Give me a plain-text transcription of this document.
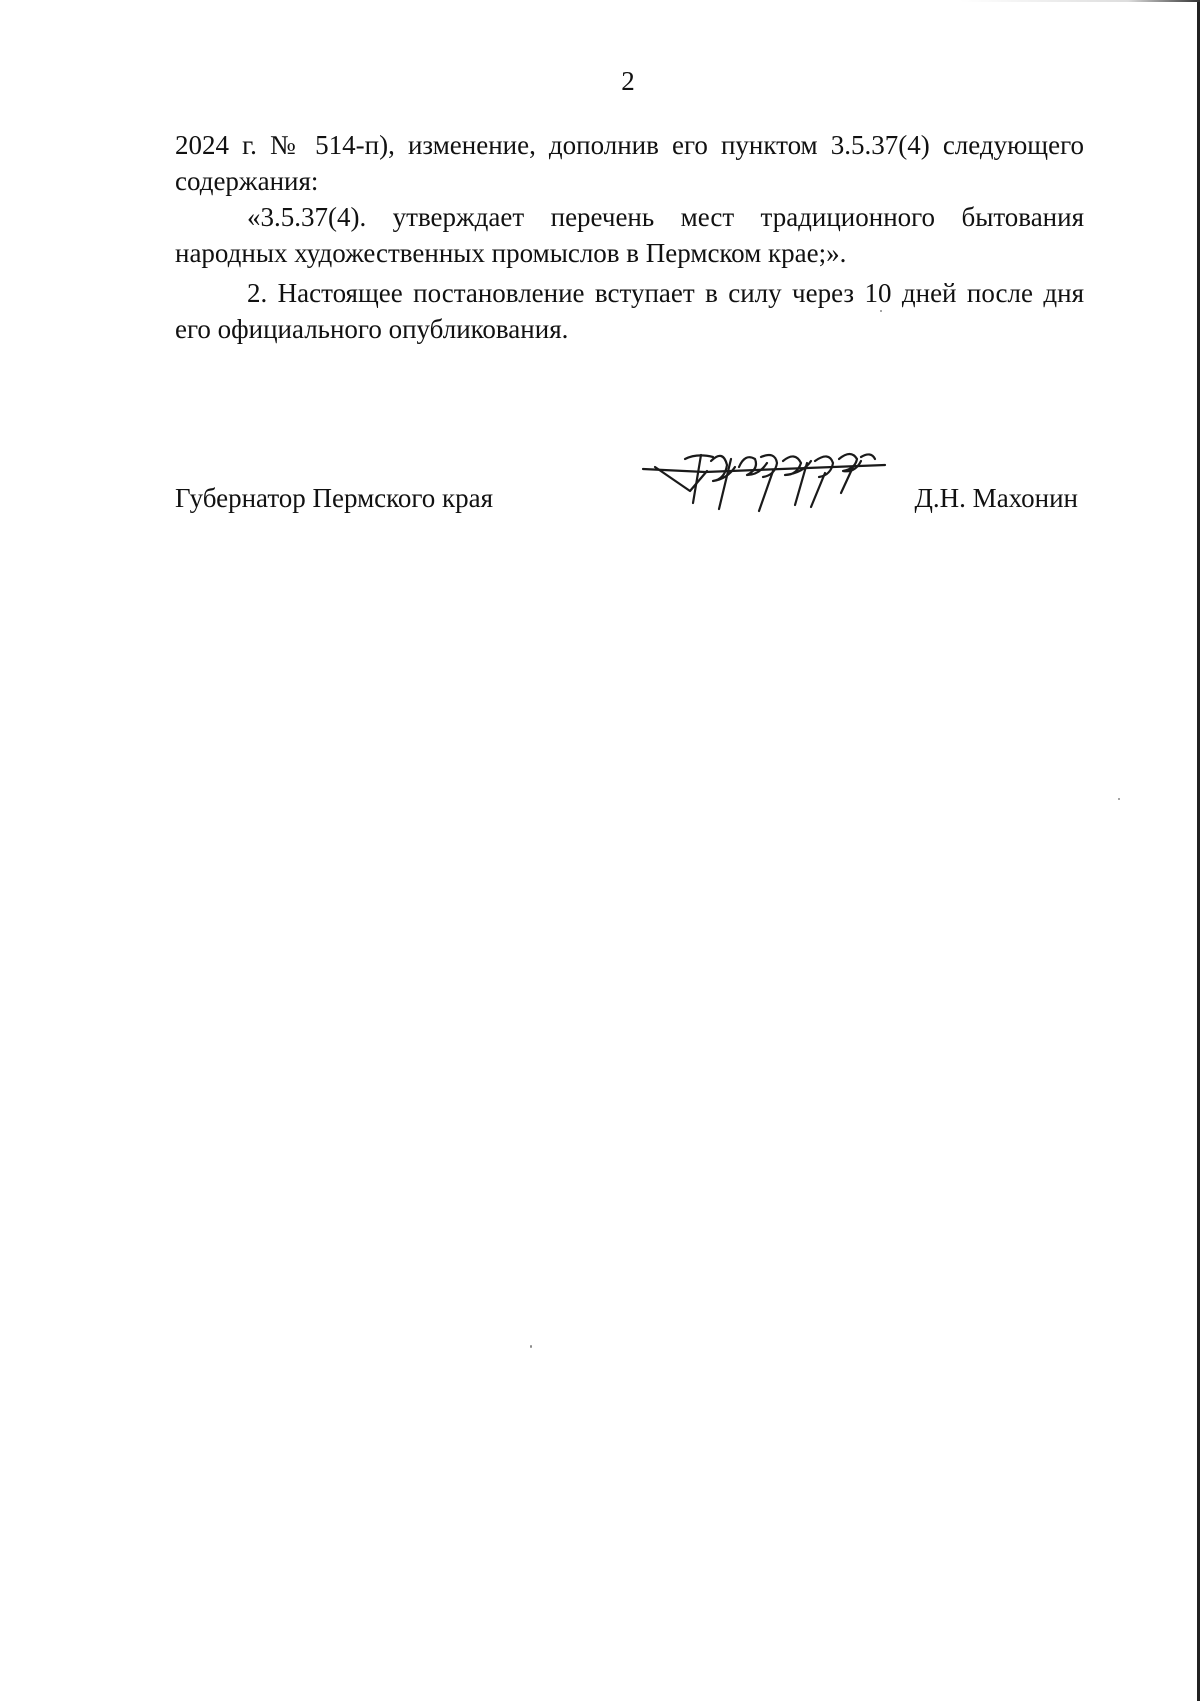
2

2024 г. № 514-п), изменение, дополнив его пунктом 3.5.37(4) следующего содержания:

«3.5.37(4). утверждает перечень мест традиционного бытования народных художественных промыслов в Пермском крае;».

2. Настоящее постановление вступает в силу через 10 дней после дня его официального опубликования.

Губернатор Пермского края	Д.Н. Махонин
